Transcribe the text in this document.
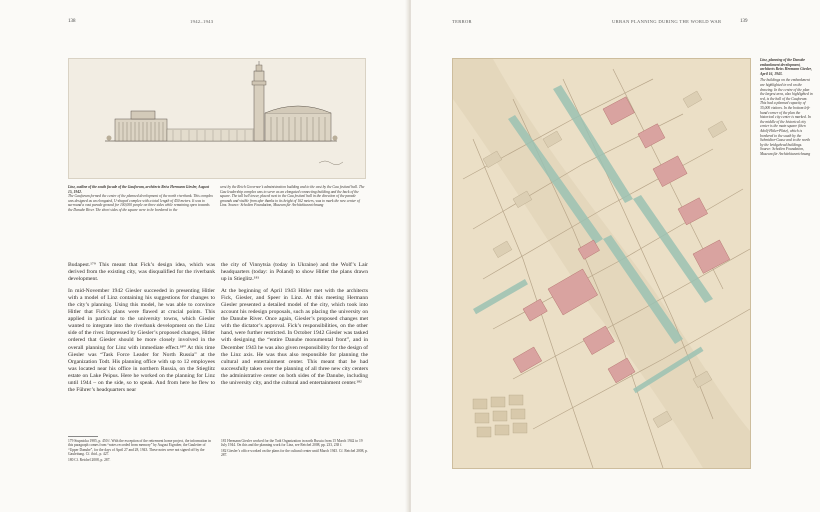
138	1942–1943
Linz, outline of the south facade of the Gauforum, architects Reiss Hermann Giesler, August 15, 1942.
The Gauforum formed the center of the planned development of the north riverbank. This complex was designed as an elongated, U-shaped complex with a total length of 450 meters. It was to surround a vast parade ground for 100,000 people on three sides while remaining open towards the Danube River. The short sides of the square were to be bordered to the
west by the Reich Governor’s administration building and to the east by the Gau festival hall. The Gau leadership complex was to serve as an elongated connecting building and the back of the square. The tall bell tower, placed next to the Gau festival hall in the direction of the parade grounds and visible from afar thanks to its height of 162 meters, was to mark the new center of Linz. Source: Scholten Foundation, Museum für Architekturzeichnung

Budapest.¹⁷⁹ This meant that Fick’s design idea, which was derived from the existing city, was disqualified for the riverbank development.

In mid-November 1942 Giesler succeeded in presenting Hitler with a model of Linz containing his suggestions for changes to the city’s planning. Using this model, he was able to convince Hitler that Fick’s plans were flawed at crucial points. This applied in particular to the university towns, which Giesler wanted to integrate into the riverbank development on the Linz side of the river. Impressed by Giesler’s proposed changes, Hitler ordered that Giesler should be more closely involved in the overall planning for Linz with immediate effect.¹⁸⁰ At this time Giesler was “Task Force Leader for North Russia” at the Organization Todt. His planning office with up to 12 employees was located near his office in northern Russia, on the Stieglitz estate on Lake Peipus. Here he worked on the planning for Linz until 1944 – on the side, so to speak. And from here he flew to the Führer’s headquarters near

the city of Vinnytsia (today in Ukraine) and the Wolf’s Lair headquarters (today: in Poland) to show Hitler the plans drawn up in Stieglitz.¹⁸¹

At the beginning of April 1943 Hitler met with the architects Fick, Giesler, and Speer in Linz. At this meeting Hermann Giesler presented a detailed model of the city, which took into account his redesign proposals, such as placing the university on the Danube River. Once again, Giesler’s proposed changes met with the dictator’s approval. Fick’s responsibilities, on the other hand, were further restricted. In October 1942 Giesler was tasked with designing the “entire Danube monumental front”, and in December 1943 he was also given responsibility for the design of the Linz axis. He was thus also responsible for planning the cultural and entertainment center. This meant that he had successfully taken over the planning of all three new city centers the administrative center on both sides of the Danube, including the university city, and the cultural and entertainment center.¹⁸²

179 Stupnicka 1985, p. 450 f. With the exception of the retirement home project, the information in this paragraph comes from “notes recorded from memory” by August Eigruber, the Gauleiter of “Upper Danube”, for the days of April 27 and 28, 1943. These notes were not signed off by the Gauleitung. Cf. ibid., p. 427.
180 Cf. Reichel 2008, p. 287.
181 Hermann Giesler worked for the Todt Organization in north Russia from 15 March 1942 to 19 July 1944. On this and the planning work for Linz, see Reichel 2008, pp. 233, 238 f.
182 Giesler’s office worked on the plans for the cultural center until March 1945. Cf. Reichel 2008, p. 287.
TERROR	URBAN PLANNING DURING THE WORLD WAR	139
Linz, planning of the Danube embankment development, architects Reiss Hermann Giesler, April 16, 1943.
The buildings on the embankment are highlighted in red on the drawing. In the centre of the plan the largest area, also highlighted in red, is the hall of the Gauforum. This had a planned capacity of 35,000 visitors. In the bottom left-hand corner of the plan the historical city center is marked. In the middle of the historical city center is the main square (then Adolf-Hitler-Platz), which is bordered to the south by the Schmidtor-Gasse and to the north by the bridgehead buildings. Source: Scholten Foundation, Museum für Architekturzeichnung
